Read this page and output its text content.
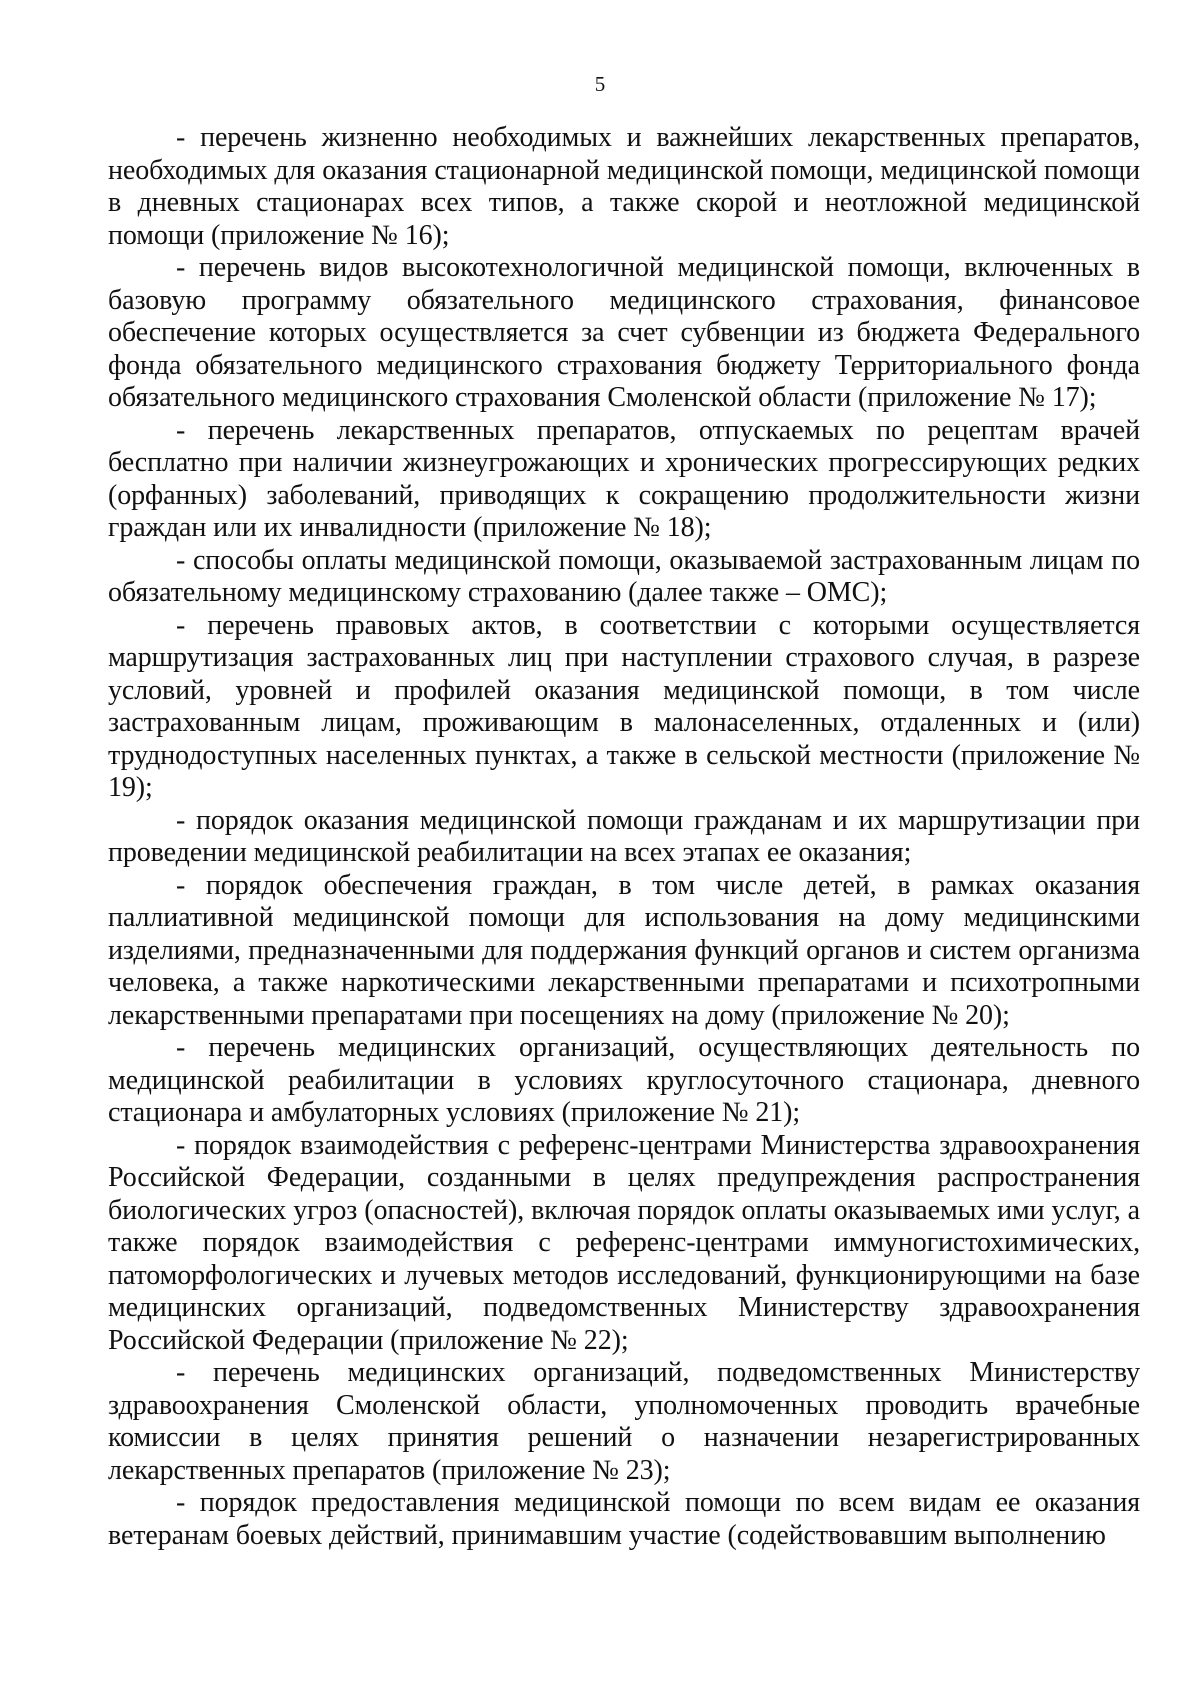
5

- перечень жизненно необходимых и важнейших лекарственных препаратов, необходимых для оказания стационарной медицинской помощи, медицинской помощи в дневных стационарах всех типов, а также скорой и неотложной медицинской помощи (приложение № 16);

- перечень видов высокотехнологичной медицинской помощи, включенных в базовую программу обязательного медицинского страхования, финансовое обеспечение которых осуществляется за счет субвенции из бюджета Федерального фонда обязательного медицинского страхования бюджету Территориального фонда обязательного медицинского страхования Смоленской области (приложение № 17);

- перечень лекарственных препаратов, отпускаемых по рецептам врачей бесплатно при наличии жизнеугрожающих и хронических прогрессирующих редких (орфанных) заболеваний, приводящих к сокращению продолжительности жизни граждан или их инвалидности (приложение № 18);

- способы оплаты медицинской помощи, оказываемой застрахованным лицам по обязательному медицинскому страхованию (далее также – ОМС);

- перечень правовых актов, в соответствии с которыми осуществляется маршрутизация застрахованных лиц при наступлении страхового случая, в разрезе условий, уровней и профилей оказания медицинской помощи, в том числе застрахованным лицам, проживающим в малонаселенных, отдаленных и (или) труднодоступных населенных пунктах, а также в сельской местности (приложение № 19);

- порядок оказания медицинской помощи гражданам и их маршрутизации при проведении медицинской реабилитации на всех этапах ее оказания;

- порядок обеспечения граждан, в том числе детей, в рамках оказания паллиативной медицинской помощи для использования на дому медицинскими изделиями, предназначенными для поддержания функций органов и систем организма человека, а также наркотическими лекарственными препаратами и психотропными лекарственными препаратами при посещениях на дому (приложение № 20);

- перечень медицинских организаций, осуществляющих деятельность по медицинской реабилитации в условиях круглосуточного стационара, дневного стационара и амбулаторных условиях (приложение № 21);

- порядок взаимодействия с референс-центрами Министерства здравоохранения Российской Федерации, созданными в целях предупреждения распространения биологических угроз (опасностей), включая порядок оплаты оказываемых ими услуг, а также порядок взаимодействия с референс-центрами иммуногистохимических, патоморфологических и лучевых методов исследований, функционирующими на базе медицинских организаций, подведомственных Министерству здравоохранения Российской Федерации (приложение № 22);

- перечень медицинских организаций, подведомственных Министерству здравоохранения Смоленской области, уполномоченных проводить врачебные комиссии в целях принятия решений о назначении незарегистрированных лекарственных препаратов (приложение № 23);

- порядок предоставления медицинской помощи по всем видам ее оказания ветеранам боевых действий, принимавшим участие (содействовавшим выполнению
